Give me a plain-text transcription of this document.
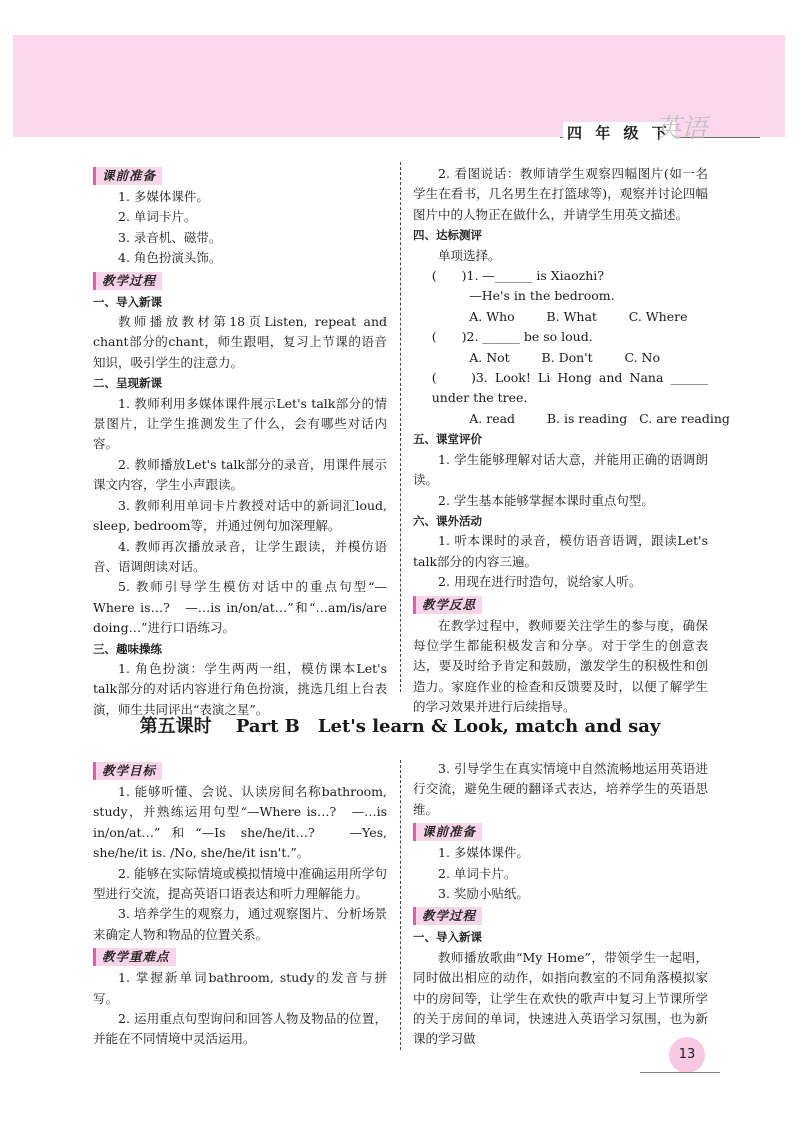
四 年 级 下
英语
课前准备

1. 多媒体课件。

2. 单词卡片。

3. 录音机、磁带。

4. 角色扮演头饰。

教学过程

一、导入新课

教师播放教材第18页Listen, repeat and chant部分的chant，师生跟唱，复习上节课的语音知识，吸引学生的注意力。

二、呈现新课

1. 教师利用多媒体课件展示Let's talk部分的情景图片，让学生推测发生了什么，会有哪些对话内容。

2. 教师播放Let's talk部分的录音，用课件展示课文内容，学生小声跟读。

3. 教师利用单词卡片教授对话中的新词汇loud, sleep, bedroom等，并通过例句加深理解。

4. 教师再次播放录音，让学生跟读，并模仿语音、语调朗读对话。

5. 教师引导学生模仿对话中的重点句型“—Where is…?　—…is in/on/at…”和“…am/is/are doing…”进行口语练习。

三、趣味操练

1. 角色扮演：学生两两一组，模仿课本Let's talk部分的对话内容进行角色扮演，挑选几组上台表演，师生共同评出“表演之星”。

2. 看图说话：教师请学生观察四幅图片(如一名学生在看书，几名男生在打篮球等)，观察并讨论四幅图片中的人物正在做什么，并请学生用英文描述。

四、达标测评

单项选择。

(　　)1. —______ is Xiaozhi?

—He's in the bedroom.

A. Who        B. What        C. Where

(　　)2. ______ be so loud.

A. Not        B. Don't        C. No

(　　)3. Look! Li Hong and Nana ______ under the tree.

A. read        B. is reading   C. are reading

五、课堂评价

1. 学生能够理解对话大意，并能用正确的语调朗读。

2. 学生基本能够掌握本课时重点句型。

六、课外活动

1. 听本课时的录音，模仿语音语调，跟读Let's talk部分的内容三遍。

2. 用现在进行时造句，说给家人听。

教学反思

在教学过程中，教师要关注学生的参与度，确保每位学生都能积极发言和分享。对于学生的创意表达，要及时给予肯定和鼓励，激发学生的积极性和创造力。家庭作业的检查和反馈要及时，以便了解学生的学习效果并进行后续指导。

第五课时　 Part B　Let's learn & Look, match and say
教学目标

1. 能够听懂、会说、认读房间名称bathroom, study，并熟练运用句型“—Where is…?　—…is in/on/at…”和“—Is she/he/it…?　—Yes, she/he/it is. /No, she/he/it isn't.”。

2. 能够在实际情境或模拟情境中准确运用所学句型进行交流，提高英语口语表达和听力理解能力。

3. 培养学生的观察力，通过观察图片、分析场景来确定人物和物品的位置关系。

教学重难点

1. 掌握新单词bathroom, study的发音与拼写。

2. 运用重点句型询问和回答人物及物品的位置，并能在不同情境中灵活运用。

3. 引导学生在真实情境中自然流畅地运用英语进行交流，避免生硬的翻译式表达，培养学生的英语思维。

课前准备

1. 多媒体课件。

2. 单词卡片。

3. 奖励小贴纸。

教学过程

一、导入新课

教师播放歌曲“My Home”，带领学生一起唱，同时做出相应的动作，如指向教室的不同角落模拟家中的房间等，让学生在欢快的歌声中复习上节课所学的关于房间的单词，快速进入英语学习氛围，也为新课的学习做

13
